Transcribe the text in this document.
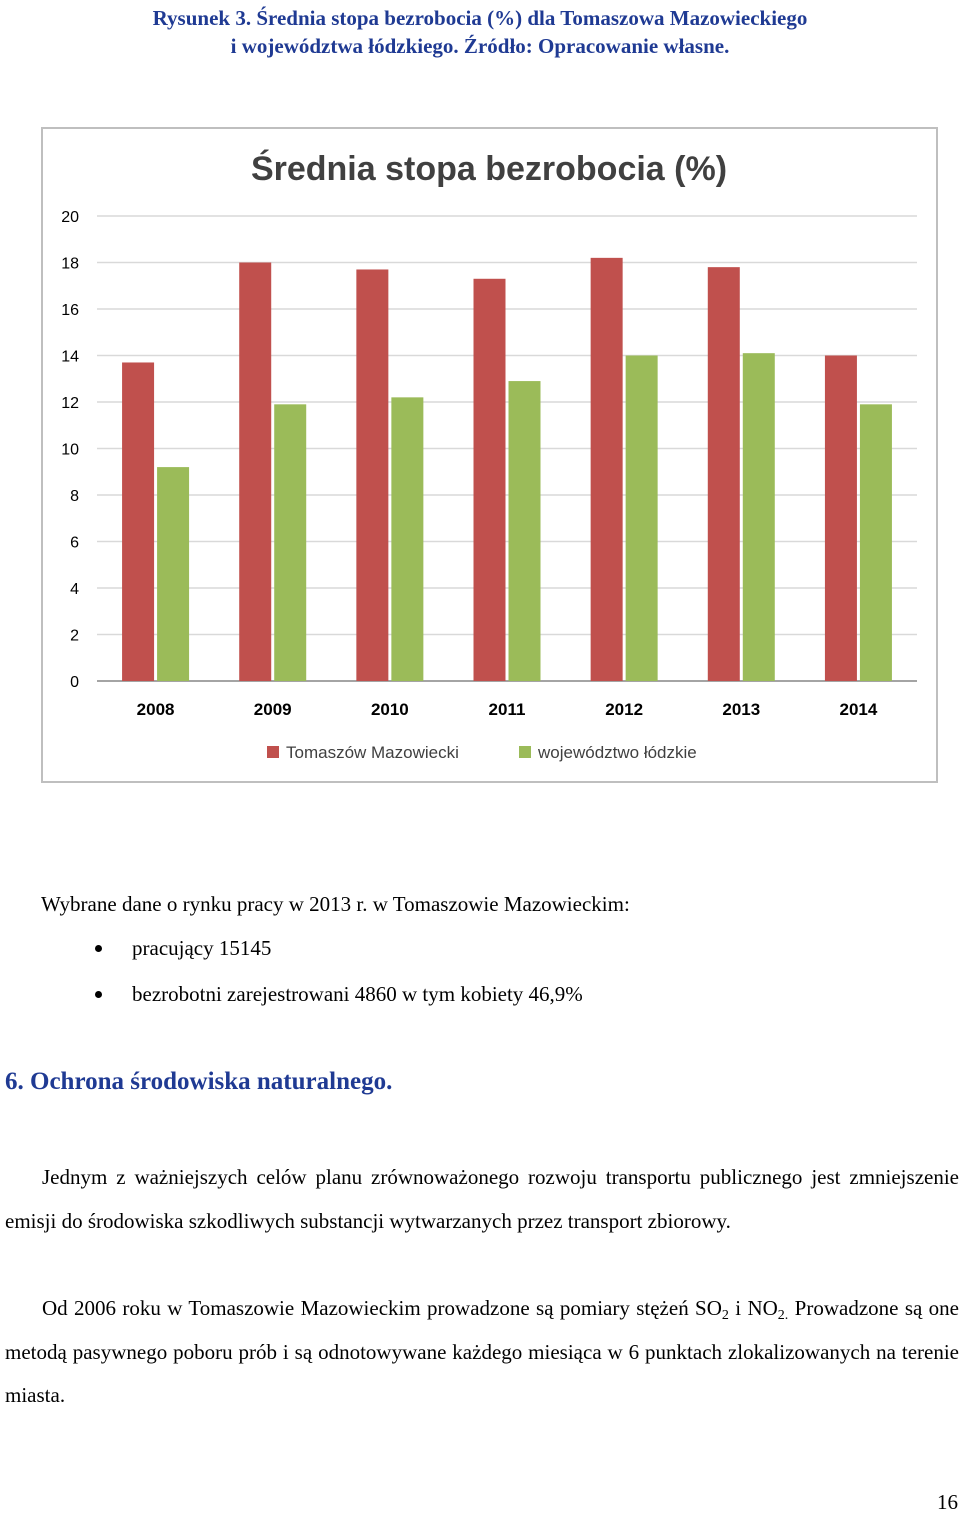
Rysunek 3. Średnia stopa bezrobocia (%) dla Tomaszowa Mazowieckiego
i województwa łódzkiego. Źródło: Opracowanie własne.
Średnia stopa bezrobocia (%)
0
2
4
6
8
10
12
14
16
18
20
2008	2009	2010	2011	2012	2013	2014
Tomaszów Mazowiecki	województwo łódzkie
Wybrane dane o rynku pracy w 2013 r. w Tomaszowie Mazowieckim:
pracujący 15145
bezrobotni zarejestrowani 4860 w tym kobiety 46,9%
6. Ochrona środowiska naturalnego.
Jednym z ważniejszych celów planu zrównoważonego rozwoju transportu publicznego jest zmniejszenie emisji do środowiska szkodliwych substancji wytwarzanych przez transport zbiorowy.
Od 2006 roku w Tomaszowie Mazowieckim prowadzone są pomiary stężeń $SO_2$ i $NO_{2.}$ Prowadzone są one metodą pasywnego poboru prób i są odnotowywane każdego miesiąca w 6 punktach zlokalizowanych na terenie miasta.
16
